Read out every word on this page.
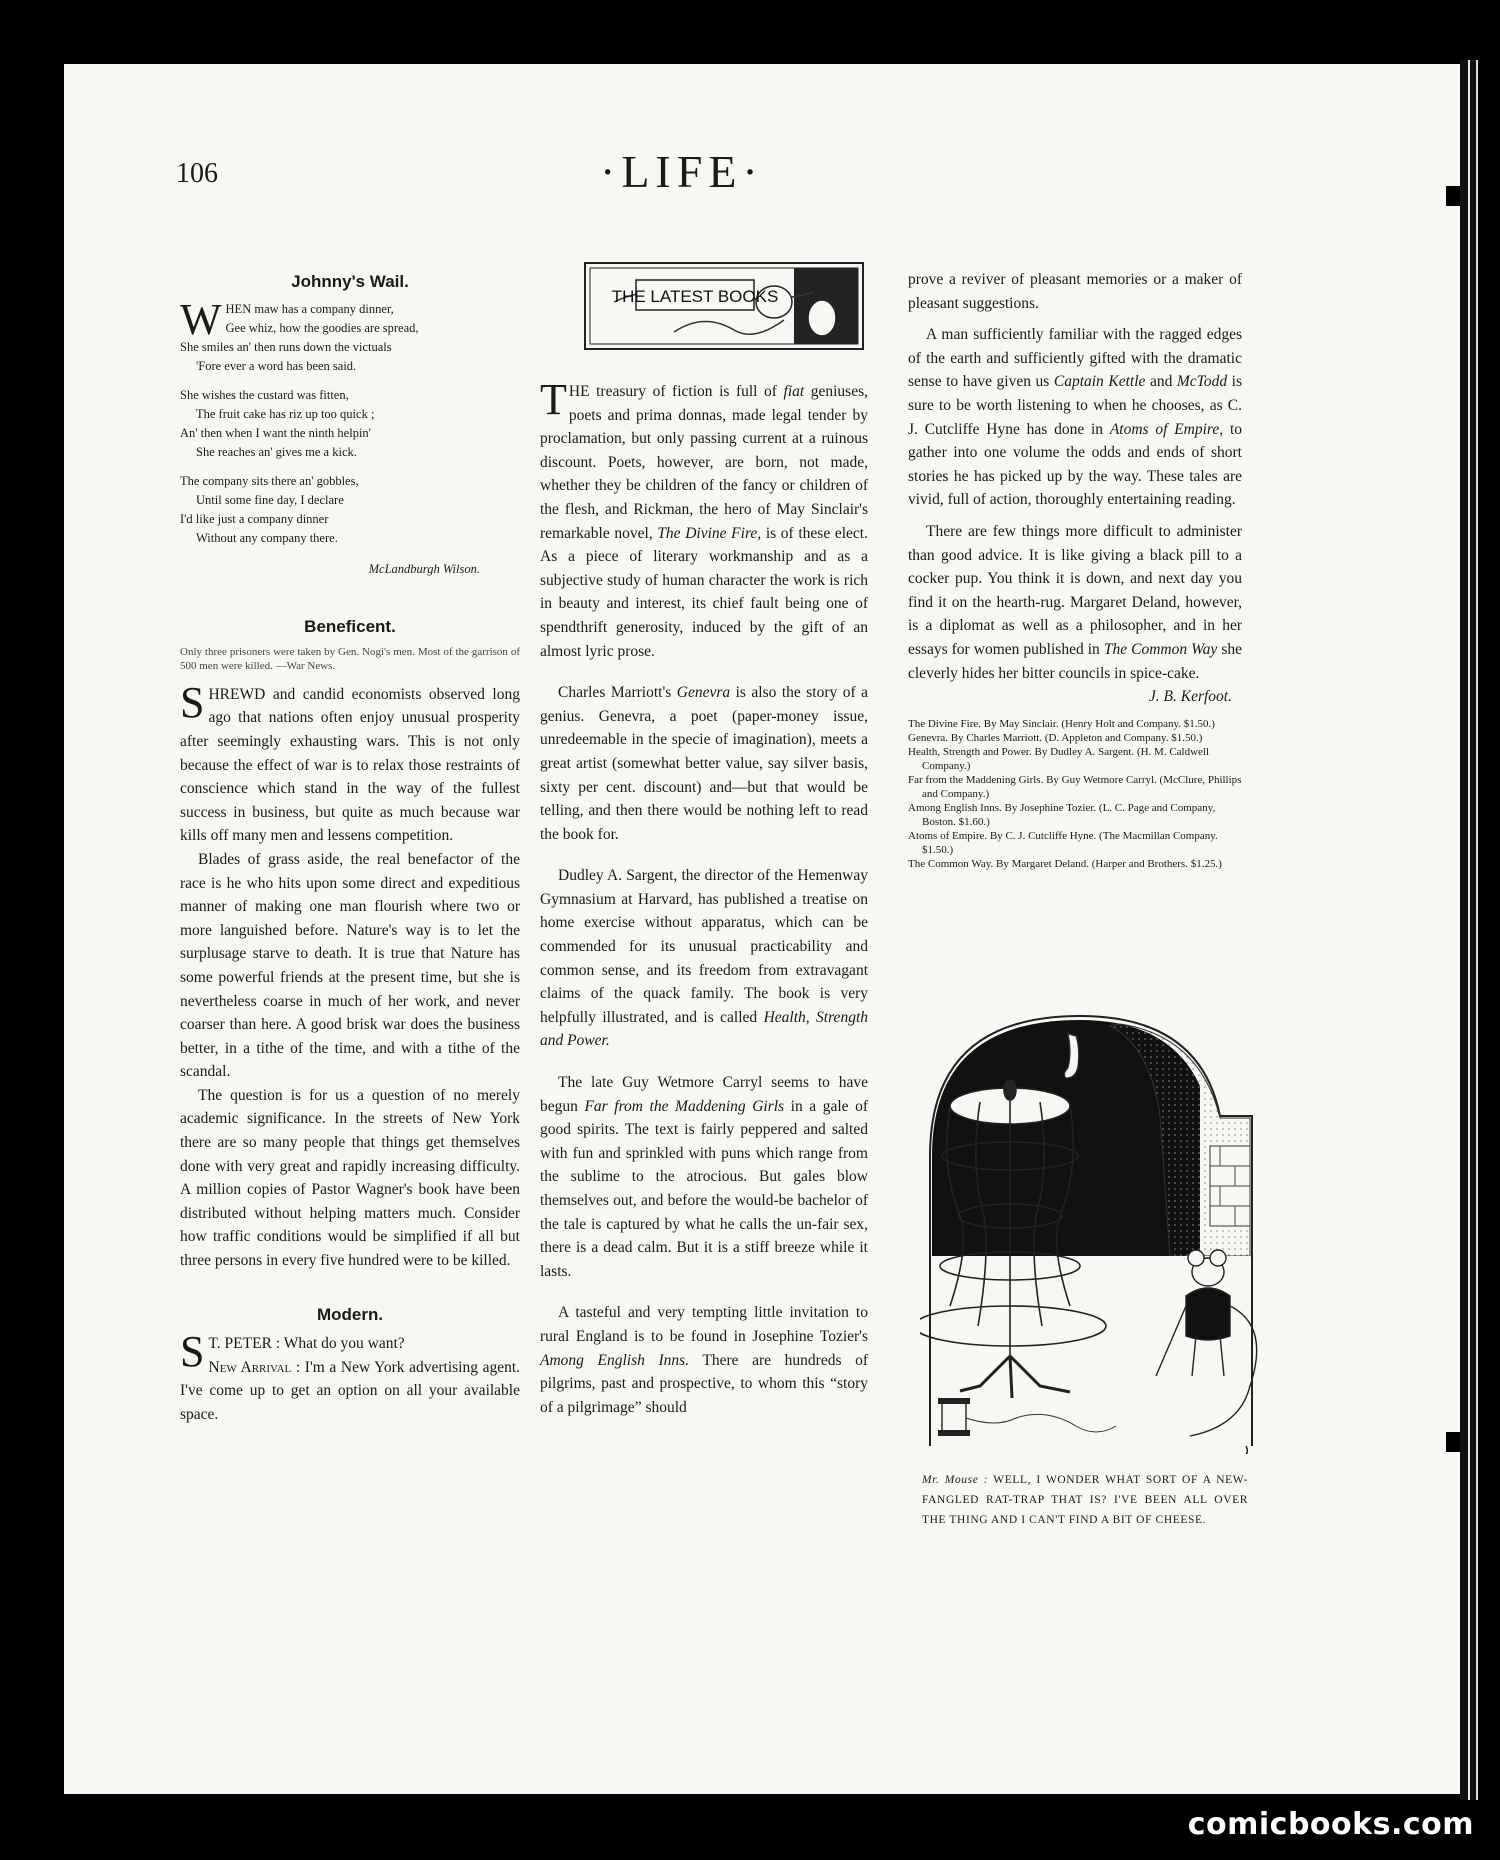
106	·LIFE·
Johnny's Wail.
W HEN maw has a company dinner,
Gee whiz, how the goodies are spread,
She smiles an' then runs down the victuals
'Fore ever a word has been said.
She wishes the custard was fitten,
The fruit cake has riz up too quick ;
An' then when I want the ninth helpin'
She reaches an' gives me a kick.
The company sits there an' gobbles,
Until some fine day, I declare
I'd like just a company dinner
Without any company there.
McLandburgh Wilson.
Beneficent.
Only three prisoners were taken by Gen. Nogi's men. Most of the garrison of 500 men were killed. —War News.

SHREWD and candid economists observed long ago that nations often enjoy unusual prosperity after seemingly exhausting wars. This is not only because the effect of war is to relax those restraints of conscience which stand in the way of the fullest success in business, but quite as much because war kills off many men and lessens competition.

Blades of grass aside, the real benefactor of the race is he who hits upon some direct and expeditious manner of making one man flourish where two or more languished before. Nature's way is to let the surplusage starve to death. It is true that Nature has some powerful friends at the present time, but she is nevertheless coarse in much of her work, and never coarser than here. A good brisk war does the business better, in a tithe of the time, and with a tithe of the scandal.

The question is for us a question of no merely academic significance. In the streets of New York there are so many people that things get themselves done with very great and rapidly increasing difficulty. A million copies of Pastor Wagner's book have been distributed without helping matters much. Consider how traffic conditions would be simplified if all but three persons in every five hundred were to be killed.

Modern.

S T. PETER : What do you want?
New Arrival : I'm a New York advertising agent. I've come up to get an option on all your available space.

THE LATEST BOOKS

THE treasury of fiction is full of fiat geniuses, poets and prima donnas, made legal tender by proclamation, but only passing current at a ruinous discount. Poets, however, are born, not made, whether they be children of the fancy or children of the flesh, and Rickman, the hero of May Sinclair's remarkable novel, The Divine Fire, is of these elect. As a piece of literary workmanship and as a subjective study of human character the work is rich in beauty and interest, its chief fault being one of spendthrift generosity, induced by the gift of an almost lyric prose.

Charles Marriott's Genevra is also the story of a genius. Genevra, a poet (paper-money issue, unredeemable in the specie of imagination), meets a great artist (somewhat better value, say silver basis, sixty per cent. discount) and—but that would be telling, and then there would be nothing left to read the book for.

Dudley A. Sargent, the director of the Hemenway Gymnasium at Harvard, has published a treatise on home exercise without apparatus, which can be commended for its unusual practicability and common sense, and its freedom from extravagant claims of the quack family. The book is very helpfully illustrated, and is called Health, Strength and Power.

The late Guy Wetmore Carryl seems to have begun Far from the Maddening Girls in a gale of good spirits. The text is fairly peppered and salted with fun and sprinkled with puns which range from the sublime to the atrocious. But gales blow themselves out, and before the would-be bachelor of the tale is captured by what he calls the un-fair sex, there is a dead calm. But it is a stiff breeze while it lasts.

A tasteful and very tempting little invitation to rural England is to be found in Josephine Tozier's Among English Inns. There are hundreds of pilgrims, past and prospective, to whom this “story of a pilgrimage” should

prove a reviver of pleasant memories or a maker of pleasant suggestions.

A man sufficiently familiar with the ragged edges of the earth and sufficiently gifted with the dramatic sense to have given us Captain Kettle and McTodd is sure to be worth listening to when he chooses, as C. J. Cutcliffe Hyne has done in Atoms of Empire, to gather into one volume the odds and ends of short stories he has picked up by the way. These tales are vivid, full of action, thoroughly entertaining reading.

There are few things more difficult to administer than good advice. It is like giving a black pill to a cocker pup. You think it is down, and next day you find it on the hearth-rug. Margaret Deland, however, is a diplomat as well as a philosopher, and in her essays for women published in The Common Way she cleverly hides her bitter councils in spice-cake.

J. B. Kerfoot.
The Divine Fire. By May Sinclair. (Henry Holt and Company. $1.50.)
Genevra. By Charles Marriott. (D. Appleton and Company. $1.50.)
Health, Strength and Power. By Dudley A. Sargent. (H. M. Caldwell Company.)
Far from the Maddening Girls. By Guy Wetmore Carryl. (McClure, Phillips and Company.)
Among English Inns. By Josephine Tozier. (L. C. Page and Company, Boston. $1.60.)
Atoms of Empire. By C. J. Cutcliffe Hyne. (The Macmillan Company. $1.50.)
The Common Way. By Margaret Deland. (Harper and Brothers. $1.25.)
Mr. Mouse : WELL, I WONDER WHAT SORT OF A NEW-FANGLED RAT-TRAP THAT IS? I'VE BEEN ALL OVER THE THING AND I CAN'T FIND A BIT OF CHEESE.
comicbooks.com
